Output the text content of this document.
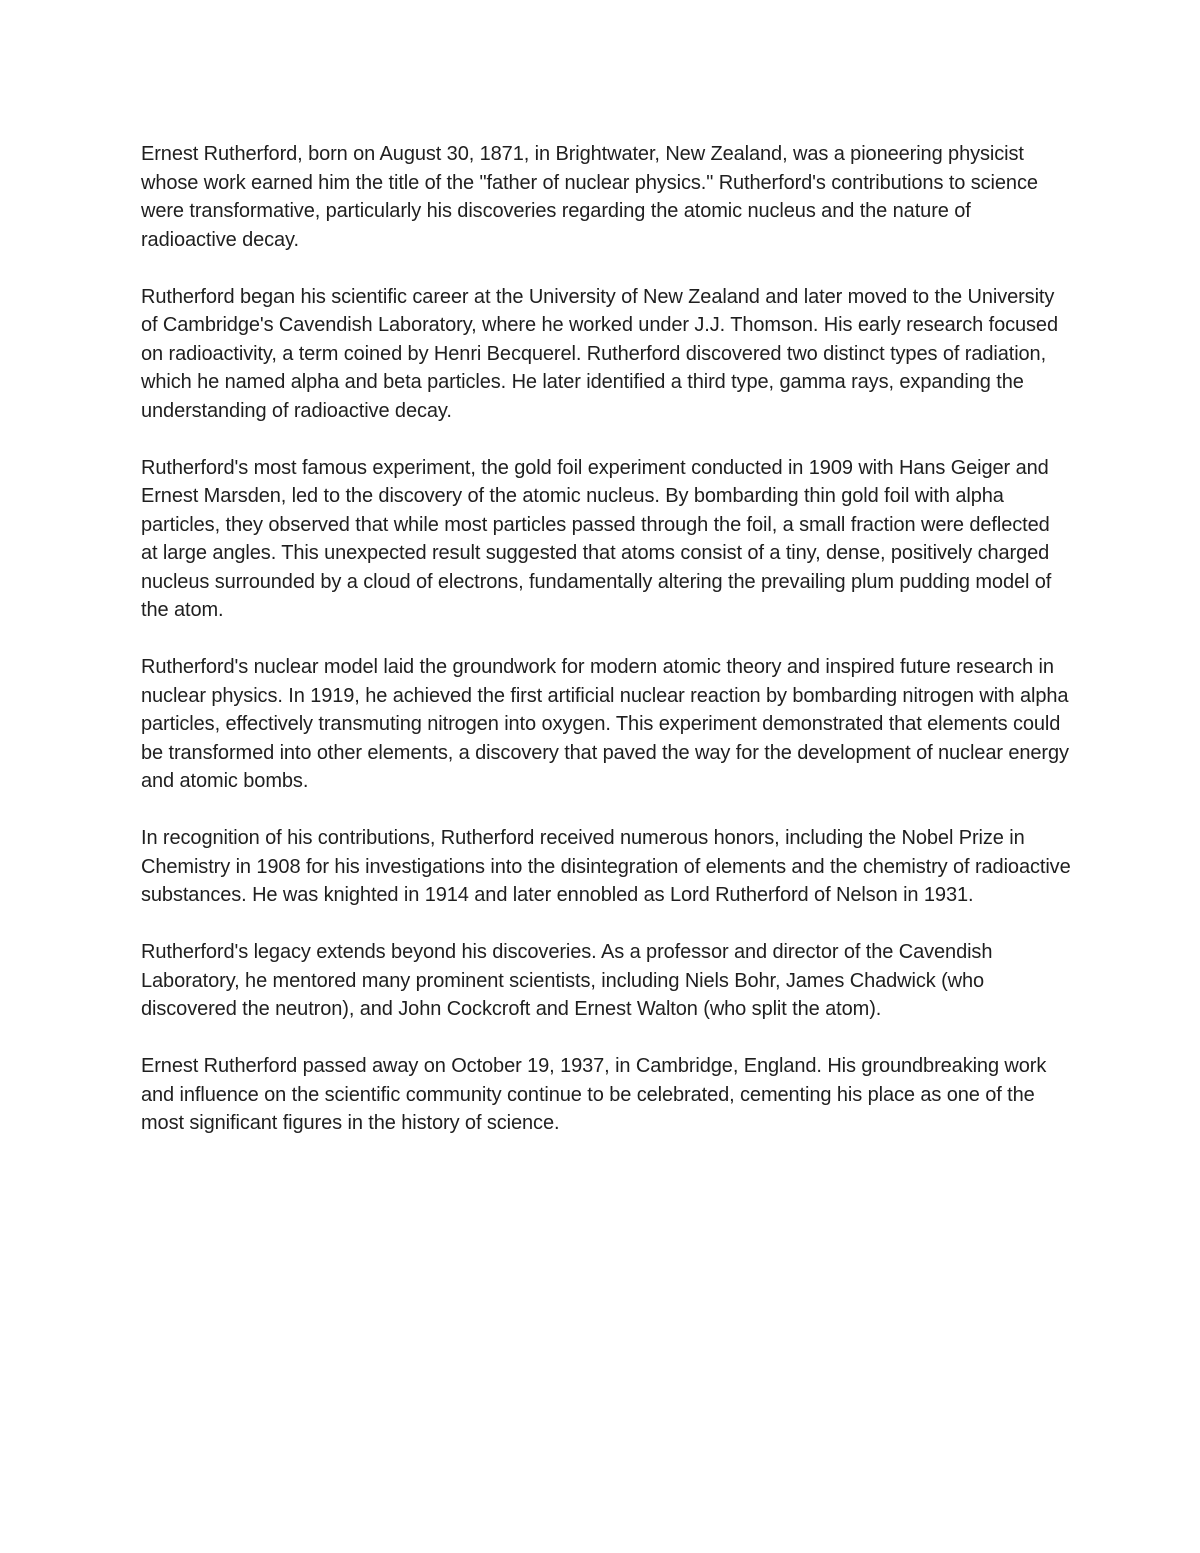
Ernest Rutherford, born on August 30, 1871, in Brightwater, New Zealand, was a pioneering physicist whose work earned him the title of the "father of nuclear physics." Rutherford's contributions to science were transformative, particularly his discoveries regarding the atomic nucleus and the nature of radioactive decay.

Rutherford began his scientific career at the University of New Zealand and later moved to the University of Cambridge's Cavendish Laboratory, where he worked under J.J. Thomson. His early research focused on radioactivity, a term coined by Henri Becquerel. Rutherford discovered two distinct types of radiation, which he named alpha and beta particles. He later identified a third type, gamma rays, expanding the understanding of radioactive decay.

Rutherford's most famous experiment, the gold foil experiment conducted in 1909 with Hans Geiger and Ernest Marsden, led to the discovery of the atomic nucleus. By bombarding thin gold foil with alpha particles, they observed that while most particles passed through the foil, a small fraction were deflected at large angles. This unexpected result suggested that atoms consist of a tiny, dense, positively charged nucleus surrounded by a cloud of electrons, fundamentally altering the prevailing plum pudding model of the atom.

Rutherford's nuclear model laid the groundwork for modern atomic theory and inspired future research in nuclear physics. In 1919, he achieved the first artificial nuclear reaction by bombarding nitrogen with alpha particles, effectively transmuting nitrogen into oxygen. This experiment demonstrated that elements could be transformed into other elements, a discovery that paved the way for the development of nuclear energy and atomic bombs.

In recognition of his contributions, Rutherford received numerous honors, including the Nobel Prize in Chemistry in 1908 for his investigations into the disintegration of elements and the chemistry of radioactive substances. He was knighted in 1914 and later ennobled as Lord Rutherford of Nelson in 1931.

Rutherford's legacy extends beyond his discoveries. As a professor and director of the Cavendish Laboratory, he mentored many prominent scientists, including Niels Bohr, James Chadwick (who discovered the neutron), and John Cockcroft and Ernest Walton (who split the atom).

Ernest Rutherford passed away on October 19, 1937, in Cambridge, England. His groundbreaking work and influence on the scientific community continue to be celebrated, cementing his place as one of the most significant figures in the history of science.
